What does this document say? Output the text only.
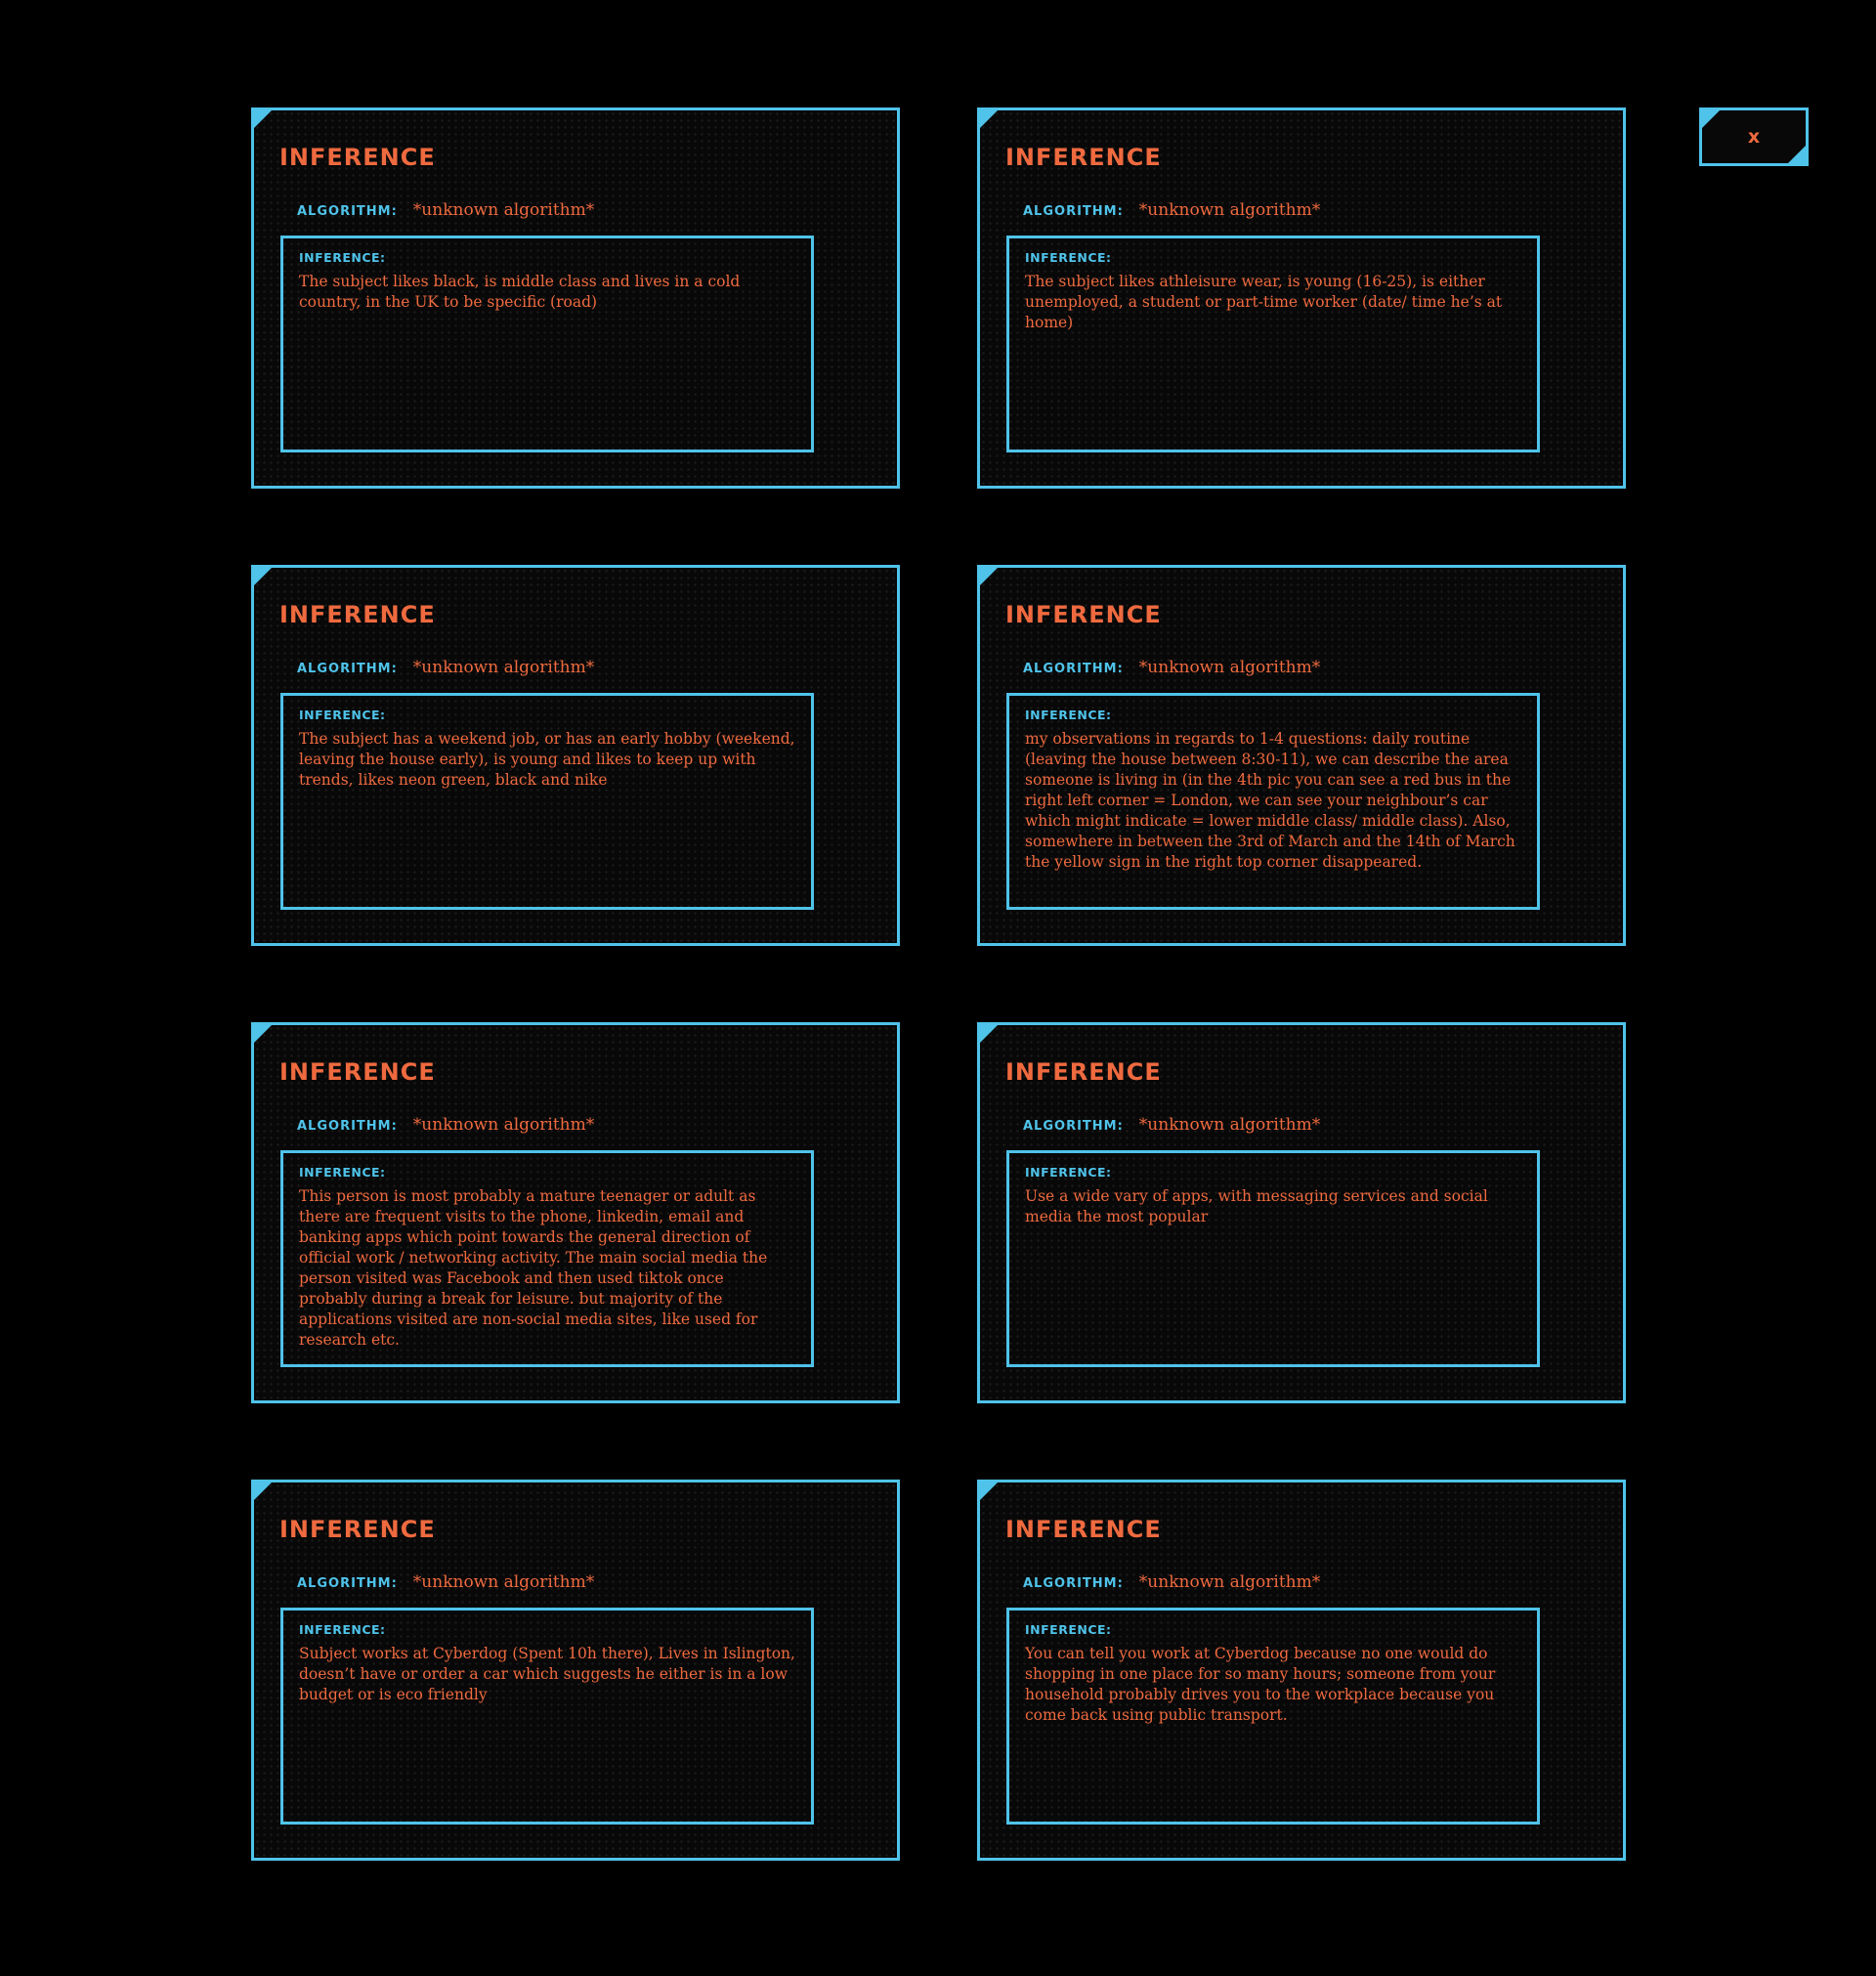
INFERENCE
ALGORITHM: *unknown algorithm*
INFERENCE:

The subject likes black, is middle class and lives in a cold country, in the UK to be specific (road)

INFERENCE
ALGORITHM: *unknown algorithm*
INFERENCE:

The subject likes athleisure wear, is young (16-25), is either unemployed, a student or part-time worker (date/ time he’s at home)

INFERENCE
ALGORITHM: *unknown algorithm*
INFERENCE:

The subject has a weekend job, or has an early hobby (weekend, leaving the house early), is young and likes to keep up with trends, likes neon green, black and nike

INFERENCE
ALGORITHM: *unknown algorithm*
INFERENCE:

my observations in regards to 1-4 questions: daily routine (leaving the house between 8:30-11), we can describe the area someone is living in (in the 4th pic you can see a red bus in the right left corner = London, we can see your neighbour’s car which might indicate = lower middle class/ middle class). Also, somewhere in between the 3rd of March and the 14th of March the yellow sign in the right top corner disappeared.

INFERENCE
ALGORITHM: *unknown algorithm*
INFERENCE:

This person is most probably a mature teenager or adult as there are frequent visits to the phone, linkedin, email and banking apps which point towards the general direction of official work / networking activity. The main social media the person visited was Facebook and then used tiktok once probably during a break for leisure. but majority of the applications visited are non-social media sites, like used for research etc.

INFERENCE
ALGORITHM: *unknown algorithm*
INFERENCE:

Use a wide vary of apps, with messaging services and social media the most popular

INFERENCE
ALGORITHM: *unknown algorithm*
INFERENCE:

Subject works at Cyberdog (Spent 10h there), Lives in Islington, doesn’t have or order a car which suggests he either is in a low budget or is eco friendly

INFERENCE
ALGORITHM: *unknown algorithm*
INFERENCE:

You can tell you work at Cyberdog because no one would do shopping in one place for so many hours; someone from your household probably drives you to the workplace because you come back using public transport.

x
